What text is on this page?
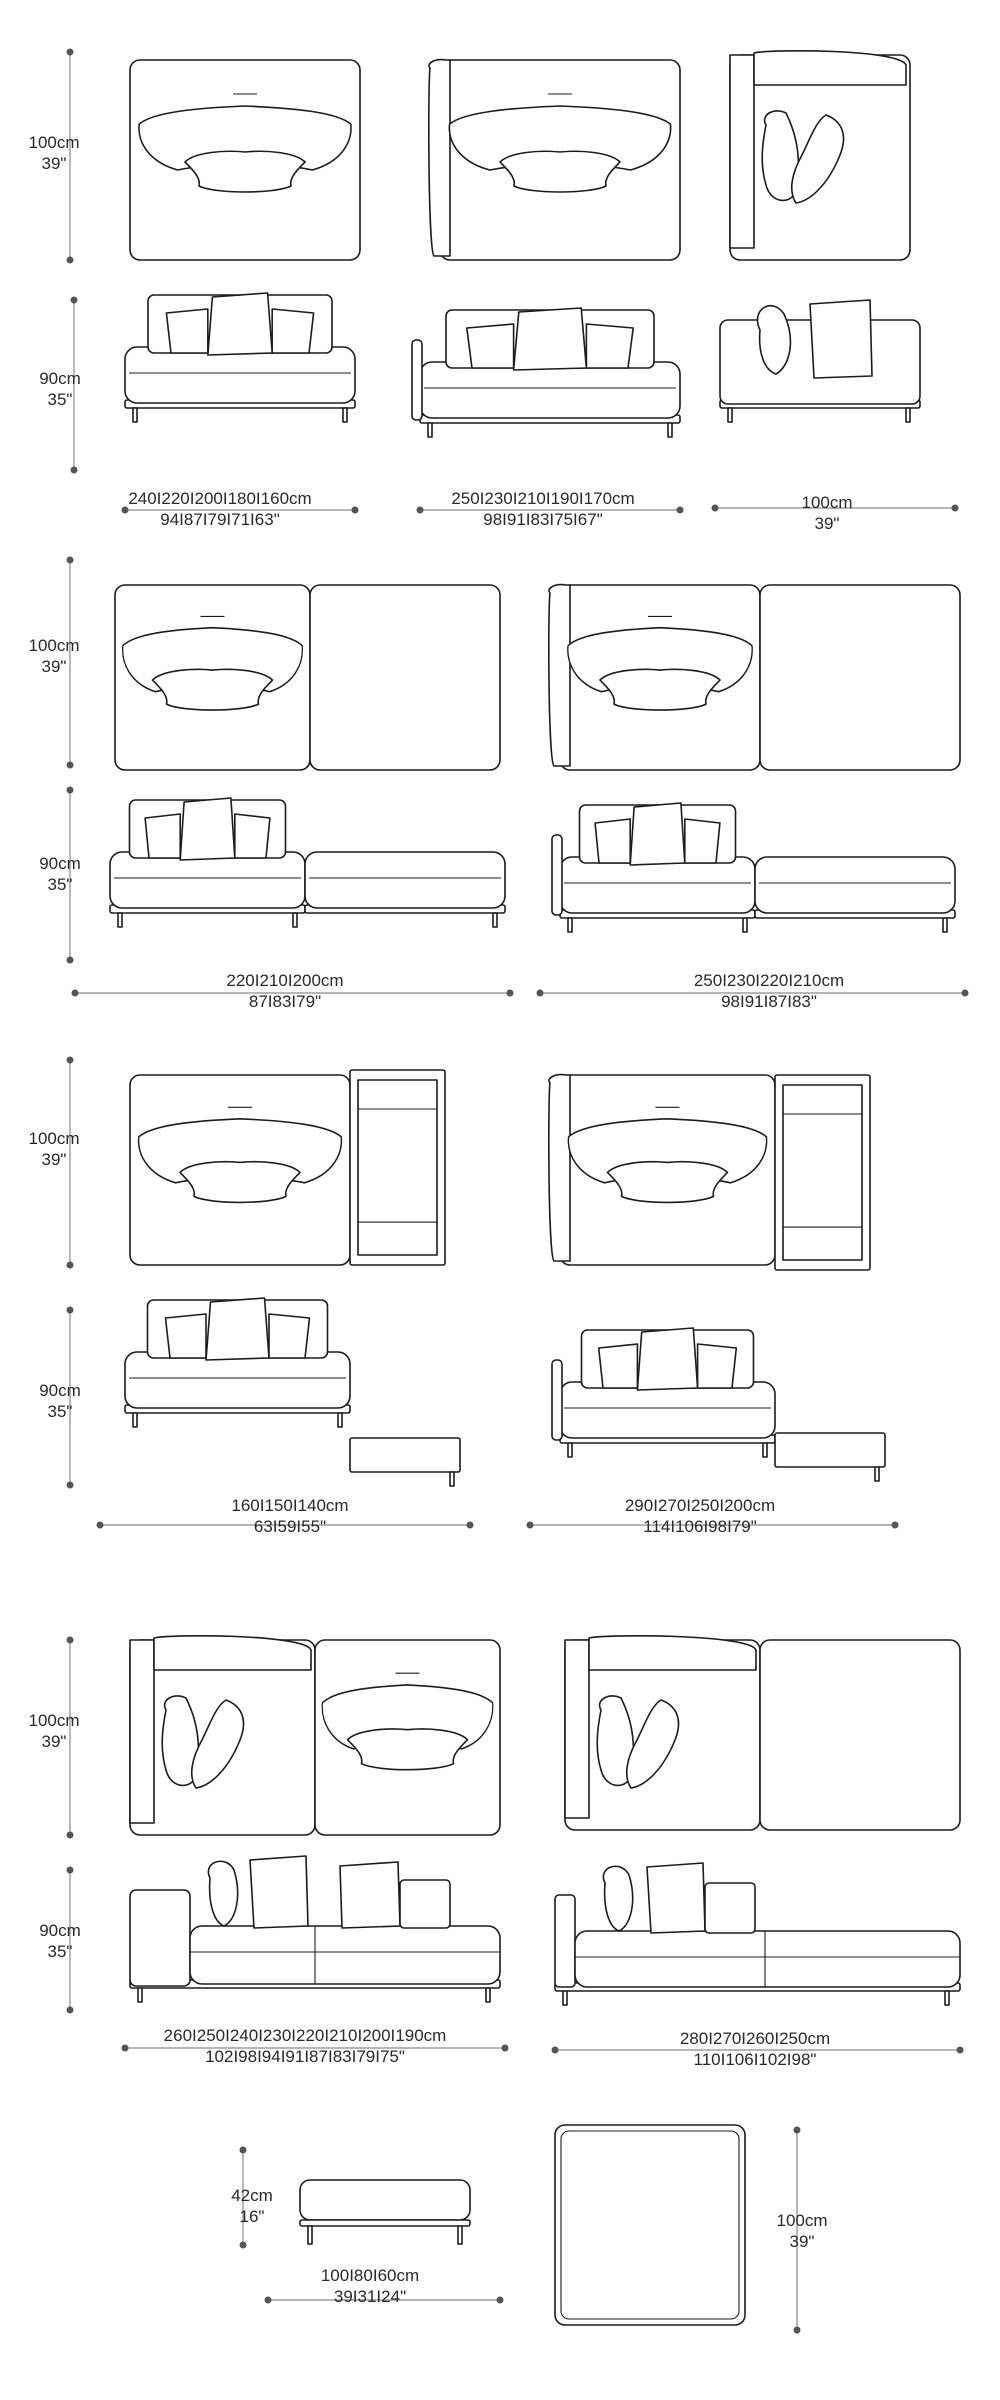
100cm
39"
90cm
35"
240I220I200I180I160cm
94I87I79I71I63"
250I230I210I190I170cm
98I91I83I75I67"
100cm
39"
100cm
39"
90cm
35"
220I210I200cm
87I83I79"
250I230I220I210cm
98I91I87I83"
100cm
39"
90cm
35"
160I150I140cm
63I59I55"
290I270I250I200cm
114I106I98I79"
100cm
39"
90cm
35"
260I250I240I230I220I210I200I190cm
102I98I94I91I87I83I79I75"
280I270I260I250cm
110I106I102I98"
42cm
16"
100I80I60cm
39I31I24"
100cm
39"
